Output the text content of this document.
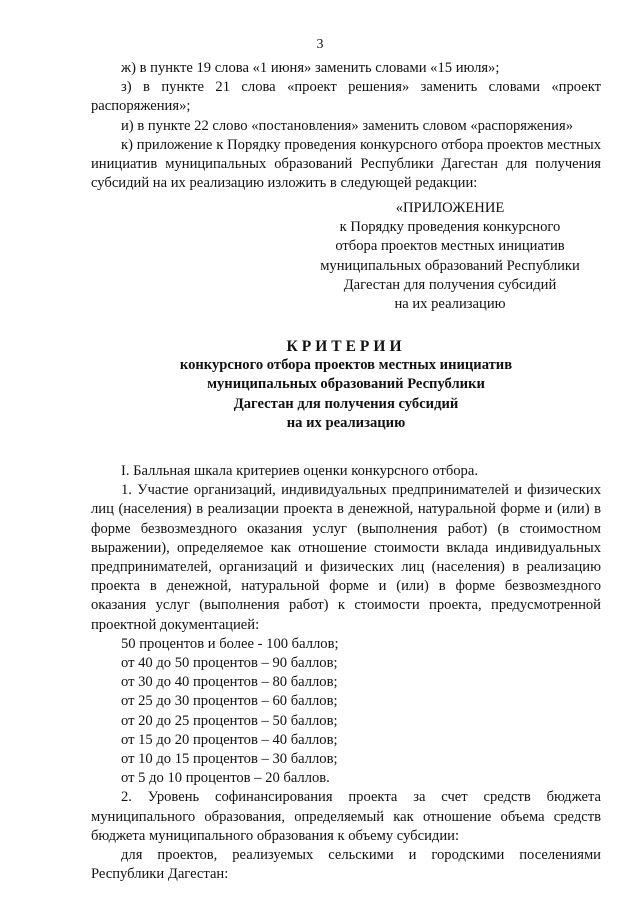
3

ж) в пункте 19 слова «1 июня» заменить словами «15 июля»;

з) в пункте 21 слова «проект решения» заменить словами «проект распоряжения»;

и) в пункте 22 слово «постановления» заменить словом «распоряжения»

к) приложение к Порядку проведения конкурсного отбора проектов местных инициатив муниципальных образований Республики Дагестан для получения субсидий на их реализацию изложить в следующей редакции:

«ПРИЛОЖЕНИЕ
к Порядку проведения конкурсного
отбора проектов местных инициатив
муниципальных образований Республики
Дагестан для получения субсидий
на их реализацию
КРИТЕРИИ
конкурсного отбора проектов местных инициатив
муниципальных образований Республики
Дагестан для получения субсидий
на их реализацию

I. Балльная шкала критериев оценки конкурсного отбора.

1. Участие организаций, индивидуальных предпринимателей и физических лиц (населения) в реализации проекта в денежной, натуральной форме и (или) в форме безвозмездного оказания услуг (выполнения работ) (в стоимостном выражении), определяемое как отношение стоимости вклада индивидуальных предпринимателей, организаций и физических лиц (населения) в реализацию проекта в денежной, натуральной форме и (или) в форме безвозмездного оказания услуг (выполнения работ) к стоимости проекта, предусмотренной проектной документацией:

50 процентов и более - 100 баллов;

от 40 до 50 процентов – 90 баллов;

от 30 до 40 процентов – 80 баллов;

от 25 до 30 процентов – 60 баллов;

от 20 до 25 процентов – 50 баллов;

от 15 до 20 процентов – 40 баллов;

от 10 до 15 процентов – 30 баллов;

от 5 до 10 процентов – 20 баллов.

2. Уровень софинансирования проекта за счет средств бюджета муниципального образования, определяемый как отношение объема средств бюджета муниципального образования к объему субсидии:

для проектов, реализуемых сельскими и городскими поселениями Республики Дагестан:
